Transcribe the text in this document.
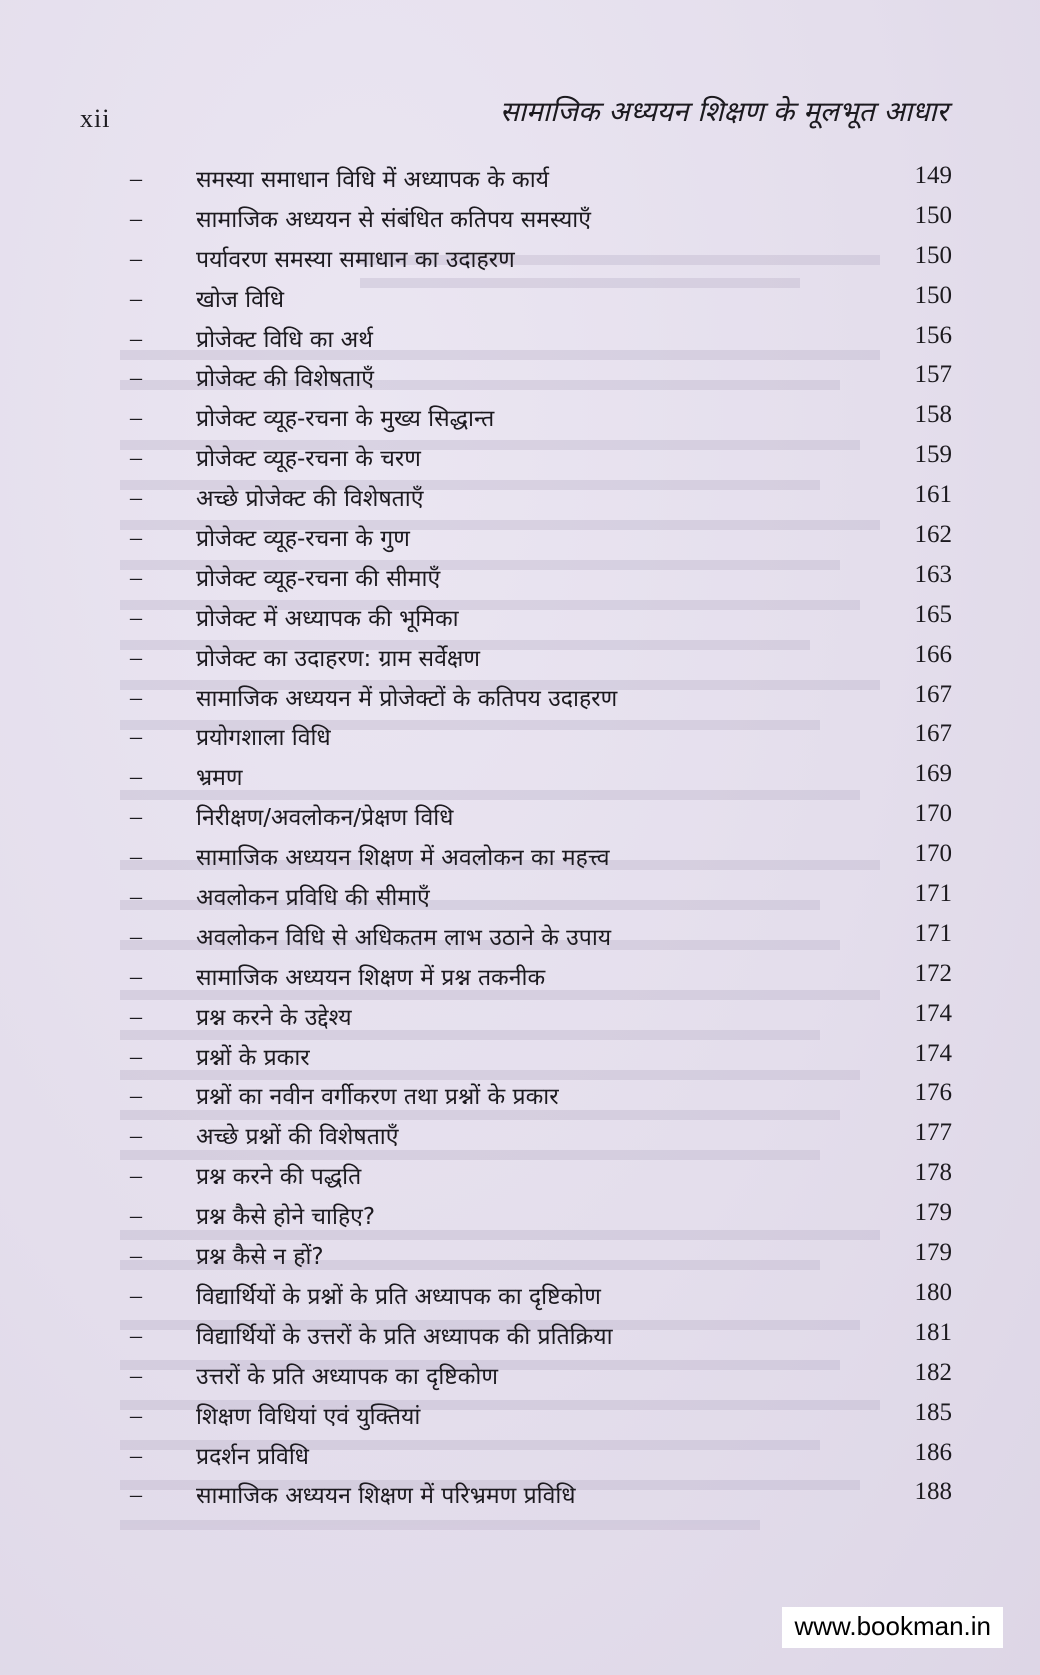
xii	सामाजिक अध्ययन शिक्षण के मूलभूत आधार
– समस्या समाधान विधि में अध्यापक के कार्य	149
– सामाजिक अध्ययन से संबंधित कतिपय समस्याएँ	150
– पर्यावरण समस्या समाधान का उदाहरण	150
– खोज विधि	150
– प्रोजेक्ट विधि का अर्थ	156
– प्रोजेक्ट की विशेषताएँ	157
– प्रोजेक्ट व्यूह-रचना के मुख्य सिद्धान्त	158
– प्रोजेक्ट व्यूह-रचना के चरण	159
– अच्छे प्रोजेक्ट की विशेषताएँ	161
– प्रोजेक्ट व्यूह-रचना के गुण	162
– प्रोजेक्ट व्यूह-रचना की सीमाएँ	163
– प्रोजेक्ट में अध्यापक की भूमिका	165
– प्रोजेक्ट का उदाहरण: ग्राम सर्वेक्षण	166
– सामाजिक अध्ययन में प्रोजेक्टों के कतिपय उदाहरण	167
– प्रयोगशाला विधि	167
– भ्रमण	169
– निरीक्षण/अवलोकन/प्रेक्षण विधि	170
– सामाजिक अध्ययन शिक्षण में अवलोकन का महत्त्व	170
– अवलोकन प्रविधि की सीमाएँ	171
– अवलोकन विधि से अधिकतम लाभ उठाने के उपाय	171
– सामाजिक अध्ययन शिक्षण में प्रश्न तकनीक	172
– प्रश्न करने के उद्देश्य	174
– प्रश्नों के प्रकार	174
– प्रश्नों का नवीन वर्गीकरण तथा प्रश्नों के प्रकार	176
– अच्छे प्रश्नों की विशेषताएँ	177
– प्रश्न करने की पद्धति	178
– प्रश्न कैसे होने चाहिए?	179
– प्रश्न कैसे न हों?	179
– विद्यार्थियों के प्रश्नों के प्रति अध्यापक का दृष्टिकोण	180
– विद्यार्थियों के उत्तरों के प्रति अध्यापक की प्रतिक्रिया	181
– उत्तरों के प्रति अध्यापक का दृष्टिकोण	182
– शिक्षण विधियां एवं युक्तियां	185
– प्रदर्शन प्रविधि	186
– सामाजिक अध्ययन शिक्षण में परिभ्रमण प्रविधि	188
www.bookman.in
